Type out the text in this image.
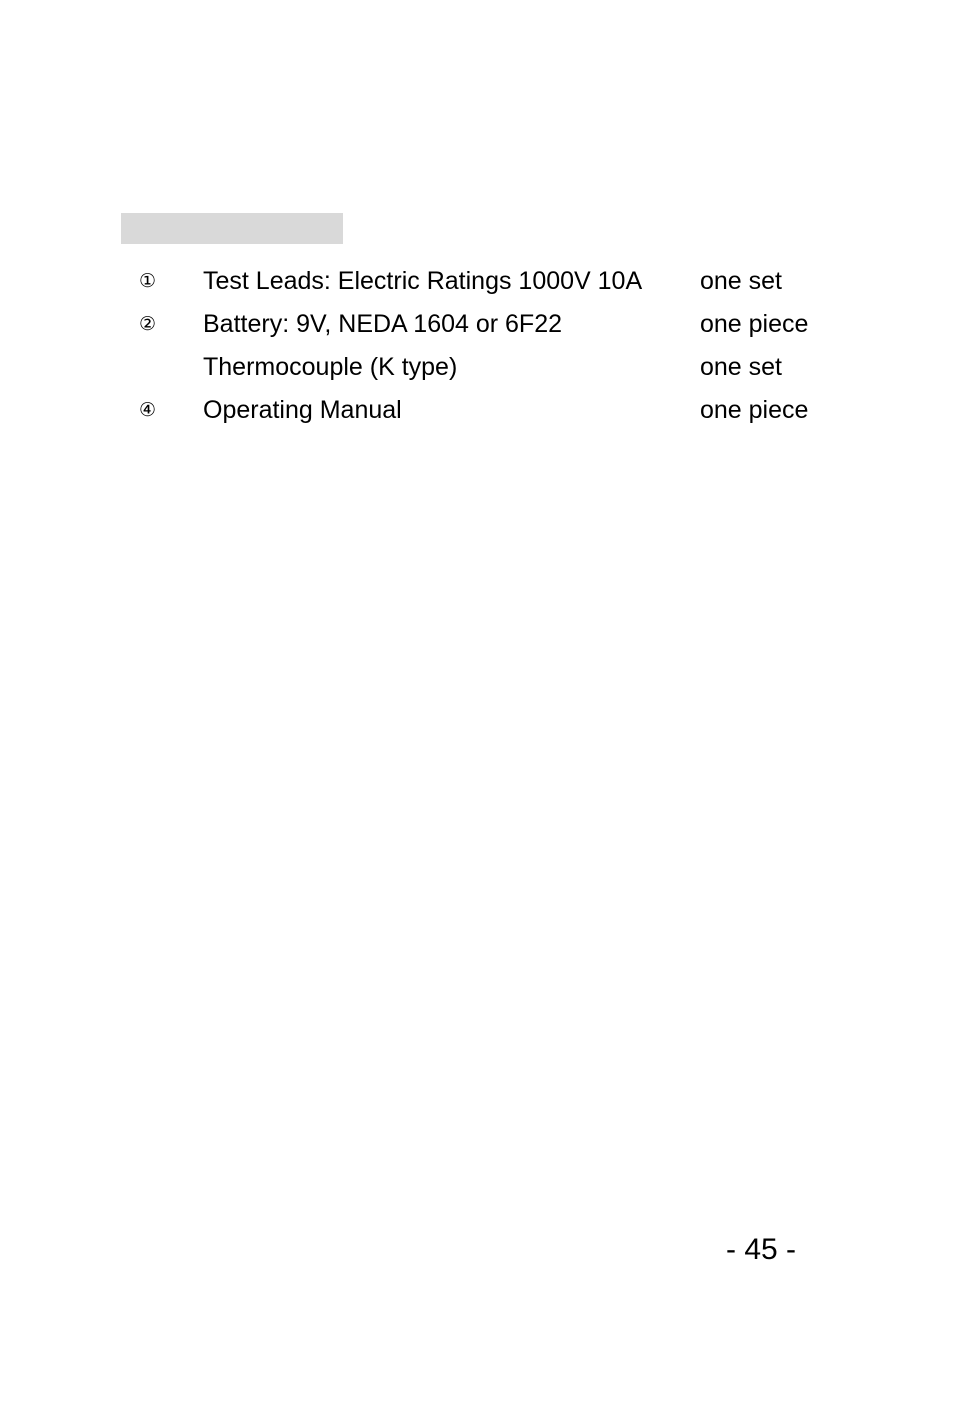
① Test Leads: Electric Ratings 1000V 10A one set
② Battery: 9V, NEDA 1604 or 6F22	one piece
Thermocouple (K type)	one set
④ Operating Manual	one piece
- 45 -
